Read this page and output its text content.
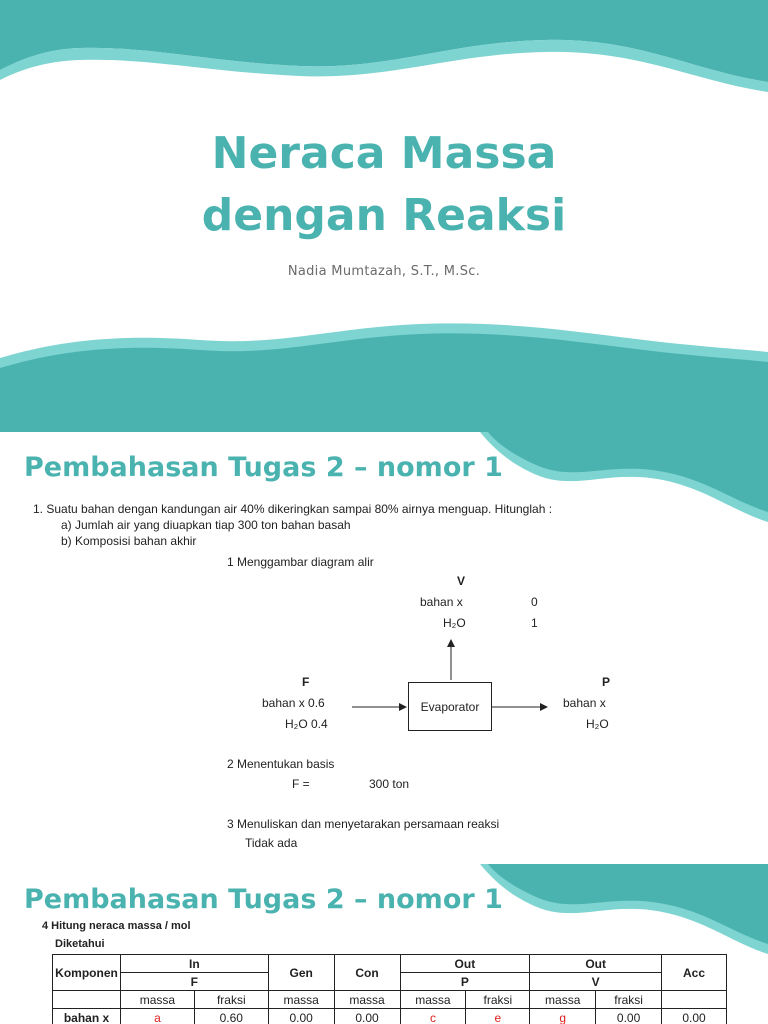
Neraca Massa
dengan Reaksi
Nadia Mumtazah, S.T., M.Sc.
Pembahasan Tugas 2 – nomor 1
1. Suatu bahan dengan kandungan air 40% dikeringkan sampai 80% airnya menguap. Hitunglah :
a) Jumlah air yang diuapkan tiap 300 ton bahan basah
b) Komposisi bahan akhir
1 Menggambar diagram alir
V
bahan x	0
H₂O	1
F
bahan x 0.6
H₂O 0.4
Evaporator
P
bahan x
H₂O
2 Menentukan basis
F =	300 ton
3 Menuliskan dan menyetarakan persamaan reaksi
Tidak ada
Pembahasan Tugas 2 – nomor 1
4 Hitung neraca massa / mol
Diketahui
Komponen	In		Gen	Con	Out		Out		Acc
	F				P		V		
	massa	fraksi	massa	massa	massa	fraksi	massa	fraksi	
bahan x	a	0.60	0.00	0.00	c	e	g	0.00	0.00
